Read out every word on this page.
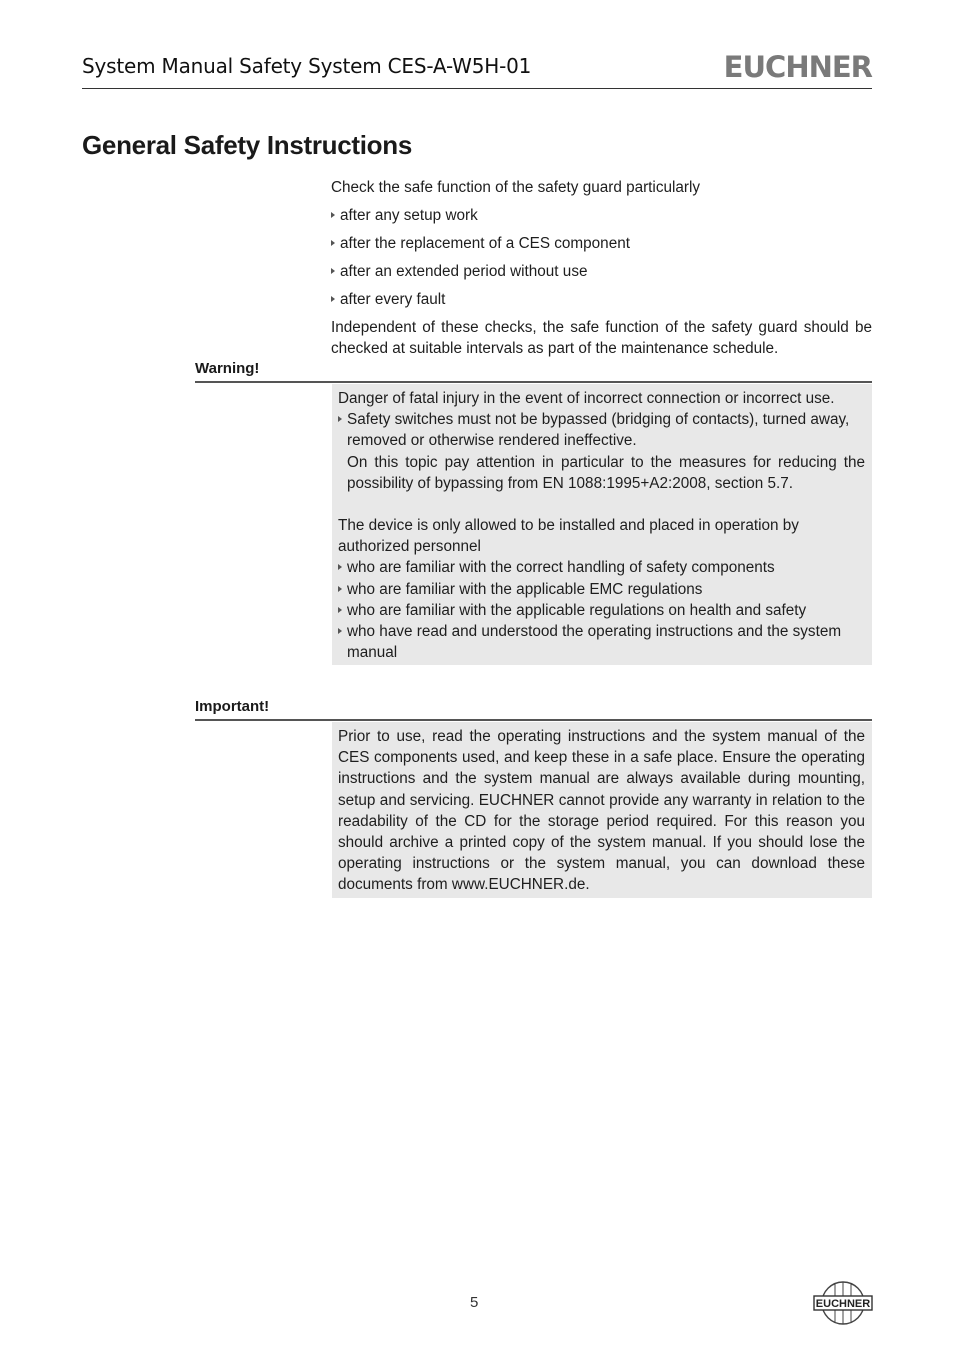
System Manual Safety System CES-A-W5H-01	EUCHNER
General Safety Instructions

Check the safe function of the safety guard particularly

after any setup work
after the replacement of a CES component
after an extended period without use
after every fault

Independent of these checks, the safe function of the safety guard should be checked at suitable intervals as part of the maintenance schedule.

Warning!
Danger of fatal injury in the event of incorrect connection or incorrect use.
Safety switches must not be bypassed (bridging of contacts), turned away, removed or otherwise rendered ineffective.
On this topic pay attention in particular to the measures for reducing the possibility of bypassing from EN 1088:1995+A2:2008, section 5.7.
The device is only allowed to be installed and placed in operation by authorized personnel
who are familiar with the correct handling of safety components
who are familiar with the applicable EMC regulations
who are familiar with the applicable regulations on health and safety
who have read and understood the operating instructions and the system manual
Important!
Prior to use, read the operating instructions and the system manual of the CES components used, and keep these in a safe place. Ensure the operating instructions and the system manual are always available during mounting, setup and servicing. EUCHNER cannot provide any warranty in relation to the readability of the CD for the storage period required. For this reason you should archive a printed copy of the system manual. If you should lose the operating instructions or the system manual, you can download these documents from www.EUCHNER.de.
5	EUCHNER
